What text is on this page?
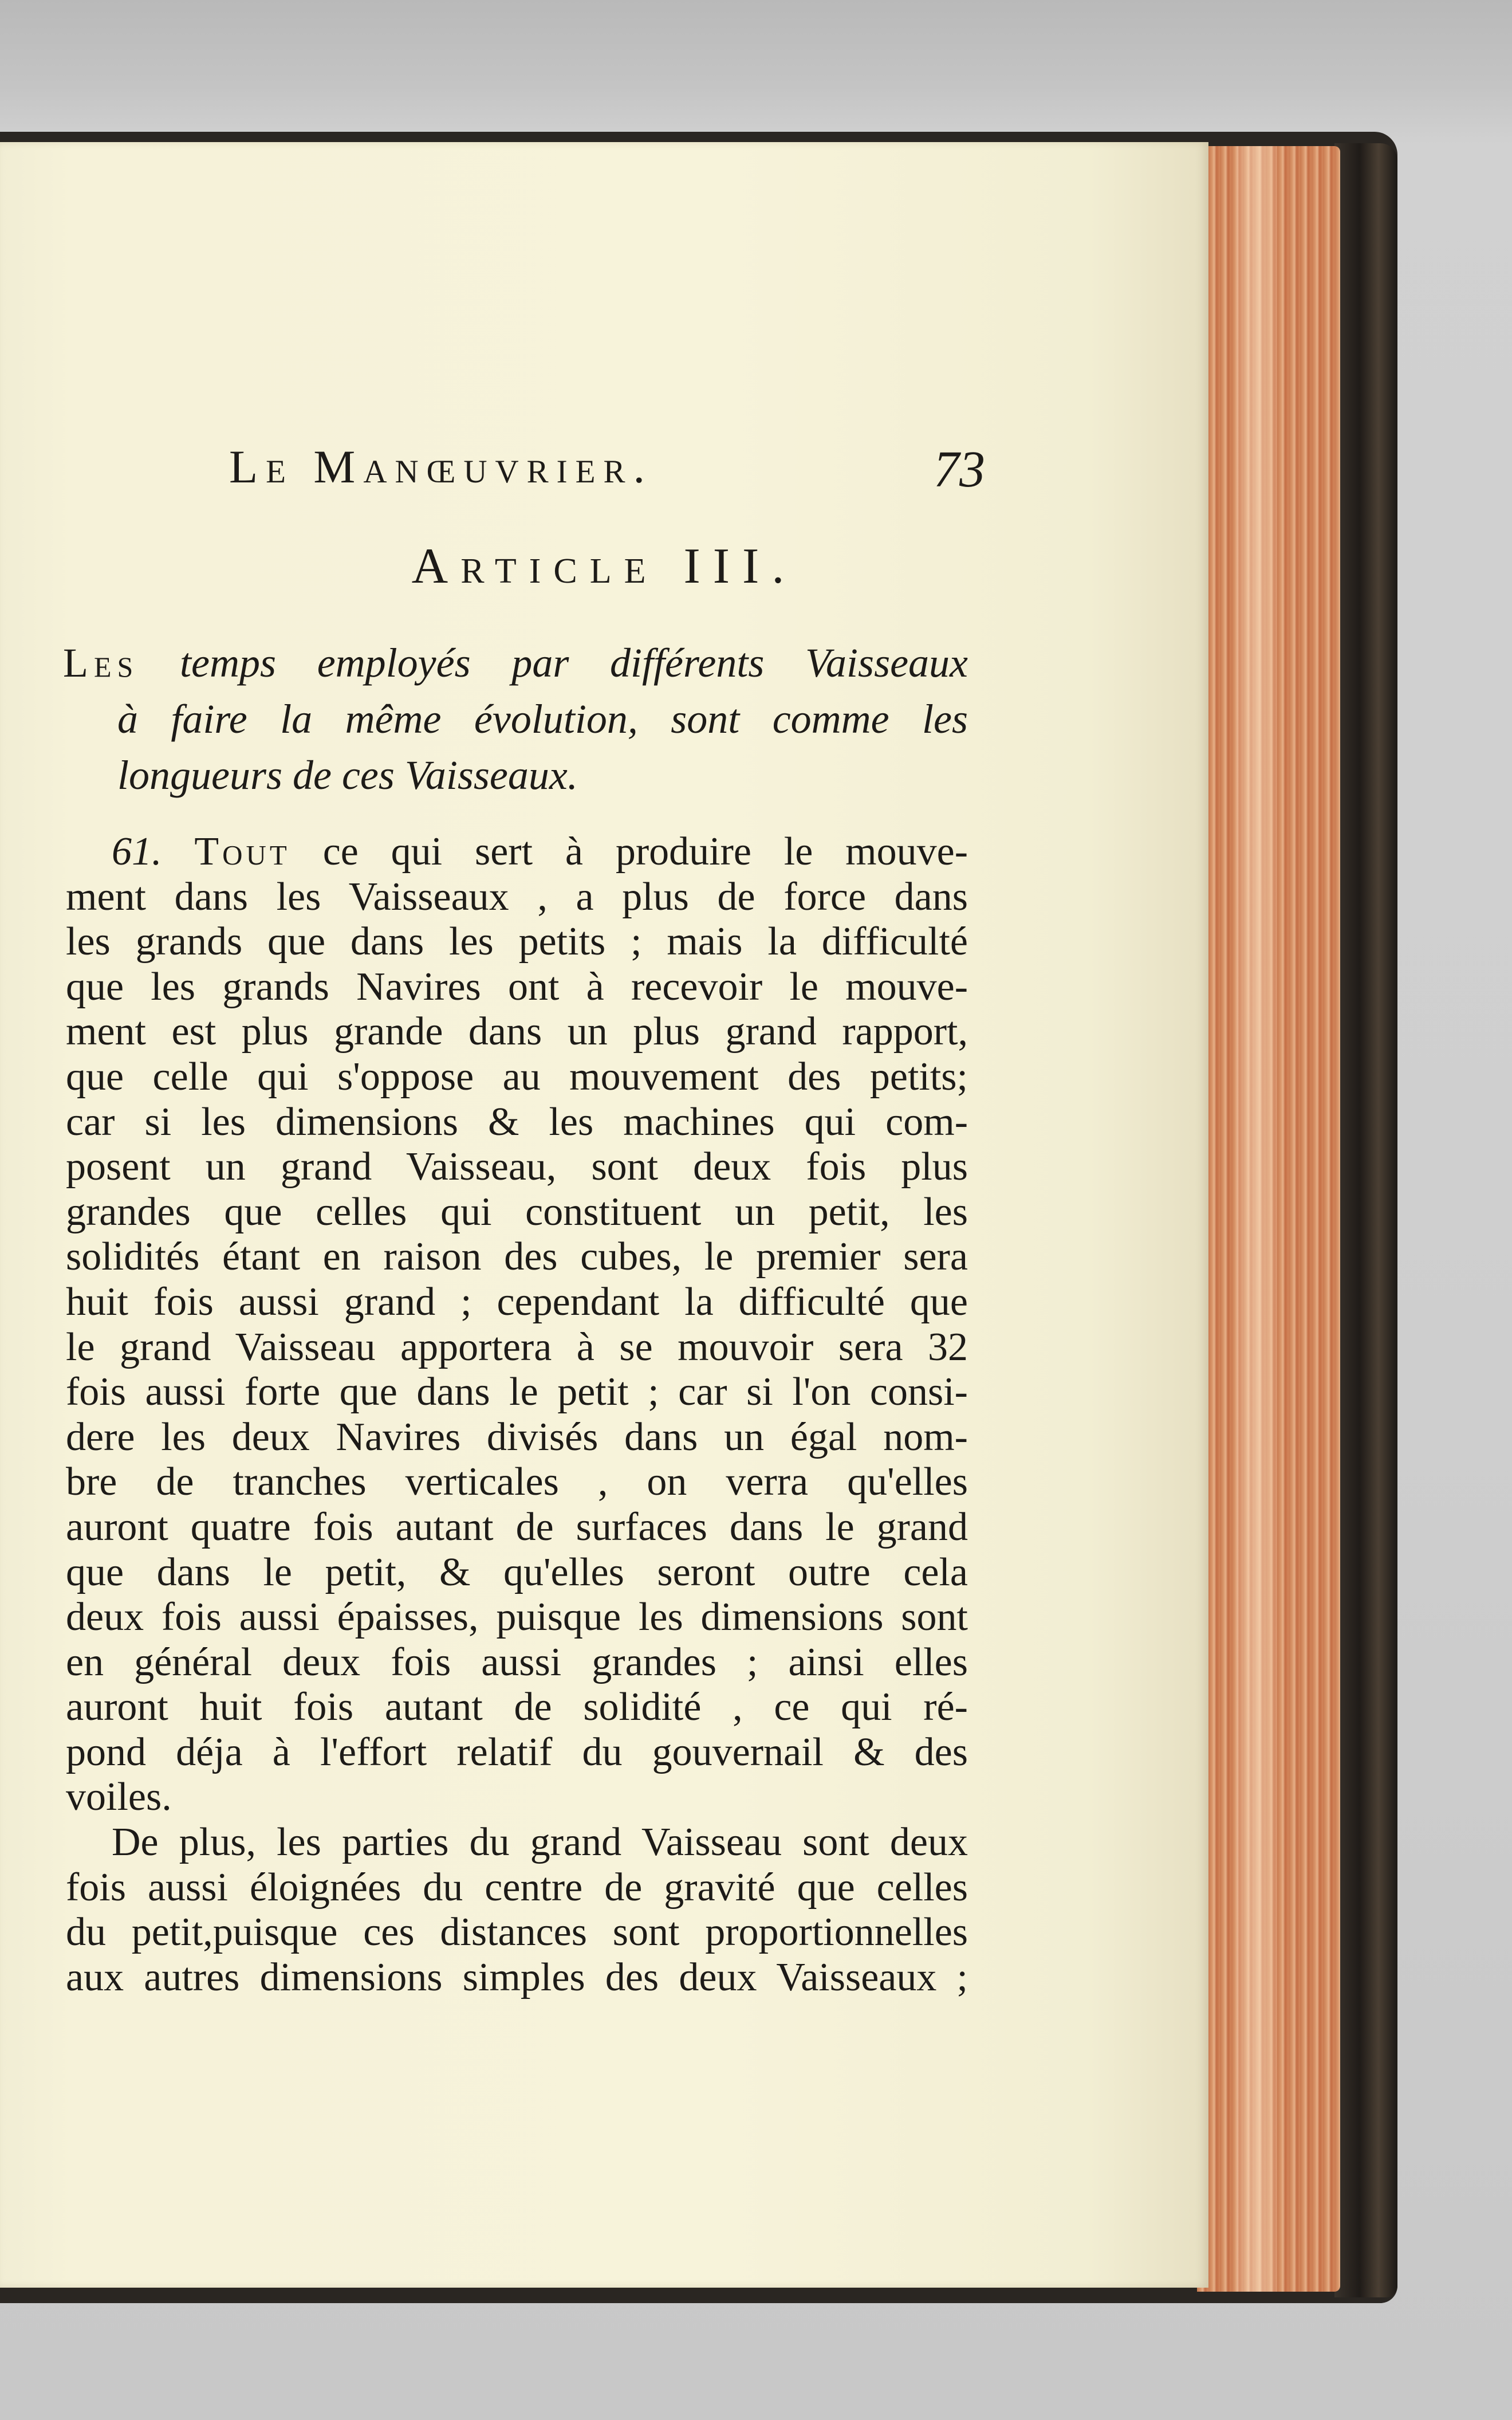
Le Manœuvrier.	73
Article III.
Les temps employés par différents Vaisseaux
à faire la même évolution, sont comme les
longueurs de ces Vaisseaux.
61. Tout ce qui sert à produire le mouve-
ment dans les Vaisseaux , a plus de force dans
les grands que dans les petits ; mais la difficulté
que les grands Navires ont à recevoir le mouve-
ment est plus grande dans un plus grand rapport,
que celle qui s'oppose au mouvement des petits;
car si les dimensions & les machines qui com-
posent un grand Vaisseau, sont deux fois plus
grandes que celles qui constituent un petit, les
solidités étant en raison des cubes, le premier sera
huit fois aussi grand ; cependant la difficulté que
le grand Vaisseau apportera à se mouvoir sera 32
fois aussi forte que dans le petit ; car si l'on consi-
dere les deux Navires divisés dans un égal nom-
bre de tranches verticales , on verra qu'elles
auront quatre fois autant de surfaces dans le grand
que dans le petit, & qu'elles seront outre cela
deux fois aussi épaisses, puisque les dimensions sont
en général deux fois aussi grandes ; ainsi elles
auront huit fois autant de solidité , ce qui ré-
pond déja à l'effort relatif du gouvernail & des
voiles.
De plus, les parties du grand Vaisseau sont deux
fois aussi éloignées du centre de gravité que celles
du petit,puisque ces distances sont proportionnelles
aux autres dimensions simples des deux Vaisseaux ;
